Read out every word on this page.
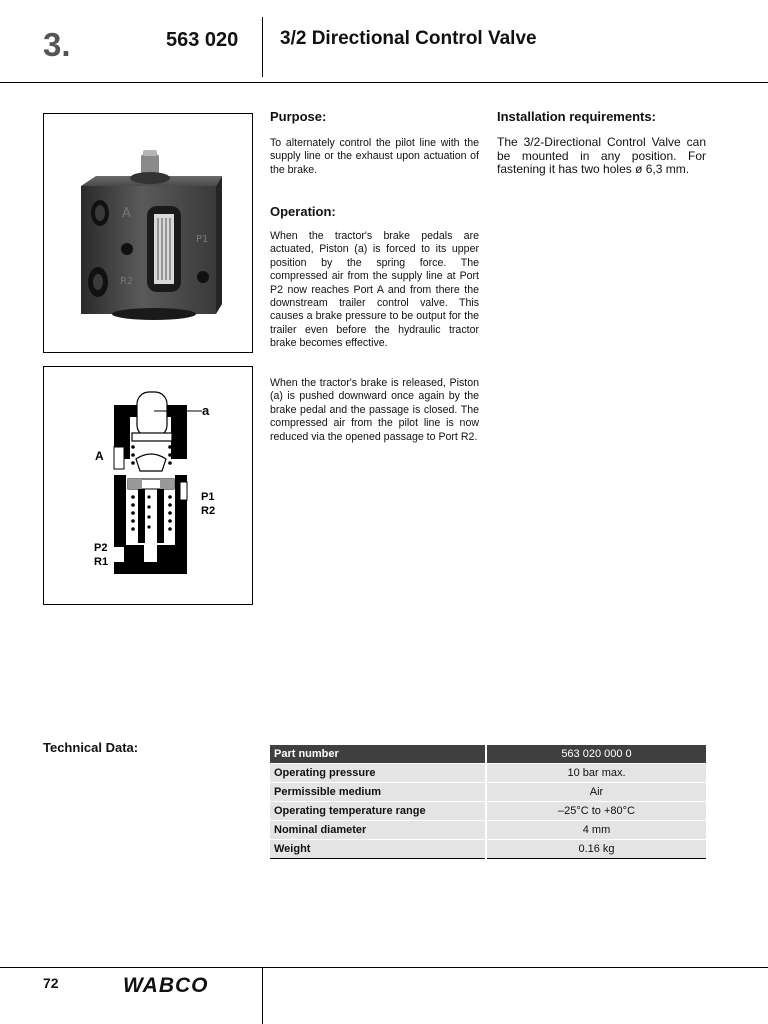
3.	563 020 3/2 Directional Control Valve
A
R2
P1
a
A
P1
R2
P2
R1
Purpose:
To alternately control the pilot line with the supply line or the exhaust upon actuation of the brake.
Operation:
When the tractor's brake pedals are actuated, Piston (a) is forced to its upper position by the spring force. The compressed air from the supply line at Port P2 now reaches Port A and from there the downstream trailer control valve. This causes a brake pressure to be output for the trailer even before the hydraulic tractor brake becomes effective.
When the tractor's brake is released, Piston (a) is pushed downward once again by the brake pedal and the passage is closed. The compressed air from the pilot line is now reduced via the opened passage to Port R2.
Installation requirements:
The 3/2-Directional Control Valve can be mounted in any position. For fastening it has two holes ø 6,3 mm.
Technical Data:	Part number		563 020 000 0
Operating pressure		10 bar max.
Permissible medium		Air
Operating temperature range		–25°C to +80°C
Nominal diameter		4 mm
Weight		0.16 kg
72	WABCO
